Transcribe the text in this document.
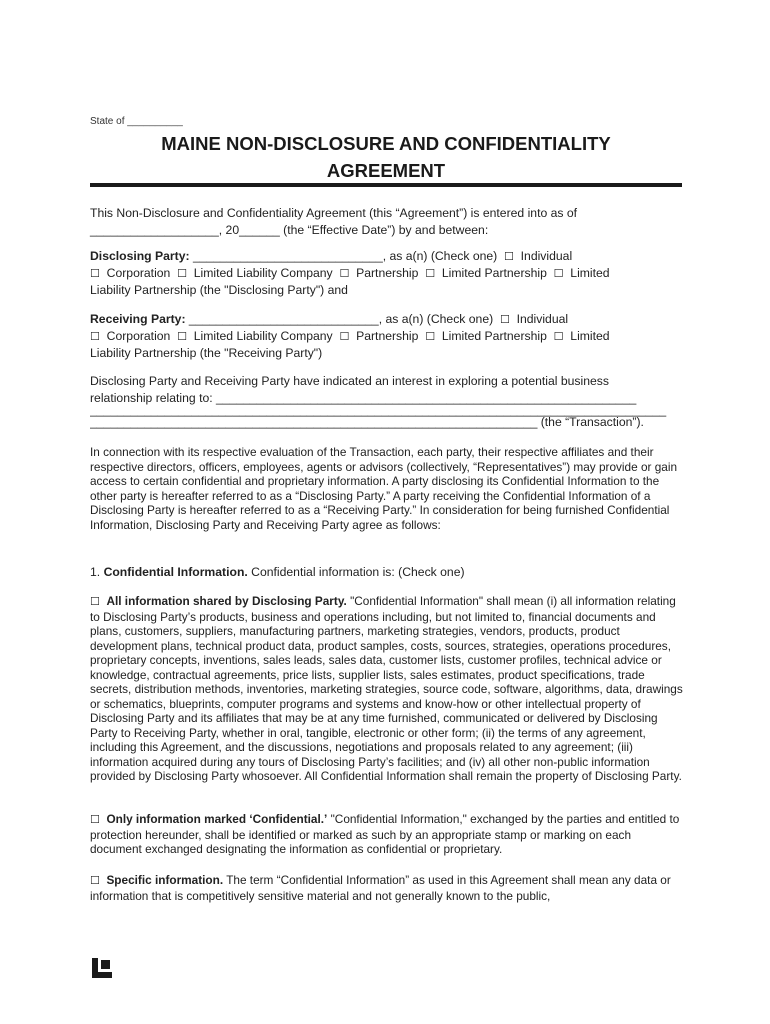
State of __________
MAINE NON-DISCLOSURE AND CONFIDENTIALITY
AGREEMENT
This Non-Disclosure and Confidentiality Agreement (this “Agreement”) is entered into as of
___________________, 20______ (the “Effective Date”) by and between:
Disclosing Party: ____________________________, as a(n) (Check one) ☐ Individual
☐ Corporation ☐ Limited Liability Company ☐ Partnership ☐ Limited Partnership ☐ Limited
Liability Partnership (the "Disclosing Party") and
Receiving Party: ____________________________, as a(n) (Check one) ☐ Individual
☐ Corporation ☐ Limited Liability Company ☐ Partnership ☐ Limited Partnership ☐ Limited
Liability Partnership (the "Receiving Party")
Disclosing Party and Receiving Party have indicated an interest in exploring a potential business
relationship relating to: ______________________________________________________________
_____________________________________________________________________________________
__________________________________________________________________ (the “Transaction”).

In connection with its respective evaluation of the Transaction, each party, their respective affiliates and their respective directors, officers, employees, agents or advisors (collectively, “Representatives”) may provide or gain access to certain confidential and proprietary information. A party disclosing its Confidential Information to the other party is hereafter referred to as a “Disclosing Party.” A party receiving the Confidential Information of a Disclosing Party is hereafter referred to as a “Receiving Party.” In consideration for being furnished Confidential Information, Disclosing Party and Receiving Party agree as follows:

1. Confidential Information. Confidential information is: (Check one)

☐ All information shared by Disclosing Party. "Confidential Information" shall mean (i) all information relating to Disclosing Party’s products, business and operations including, but not limited to, financial documents and plans, customers, suppliers, manufacturing partners, marketing strategies, vendors, products, product development plans, technical product data, product samples, costs, sources, strategies, operations procedures, proprietary concepts, inventions, sales leads, sales data, customer lists, customer profiles, technical advice or knowledge, contractual agreements, price lists, supplier lists, sales estimates, product specifications, trade secrets, distribution methods, inventories, marketing strategies, source code, software, algorithms, data, drawings or schematics, blueprints, computer programs and systems and know-how or other intellectual property of Disclosing Party and its affiliates that may be at any time furnished, communicated or delivered by Disclosing Party to Receiving Party, whether in oral, tangible, electronic or other form; (ii) the terms of any agreement, including this Agreement, and the discussions, negotiations and proposals related to any agreement; (iii) information acquired during any tours of Disclosing Party’s facilities; and (iv) all other non-public information provided by Disclosing Party whosoever. All Confidential Information shall remain the property of Disclosing Party.

☐ Only information marked ‘Confidential.’ "Confidential Information," exchanged by the parties and entitled to protection hereunder, shall be identified or marked as such by an appropriate stamp or marking on each document exchanged designating the information as confidential or proprietary.

☐ Specific information. The term “Confidential Information” as used in this Agreement shall mean any data or information that is competitively sensitive material and not generally known to the public,
